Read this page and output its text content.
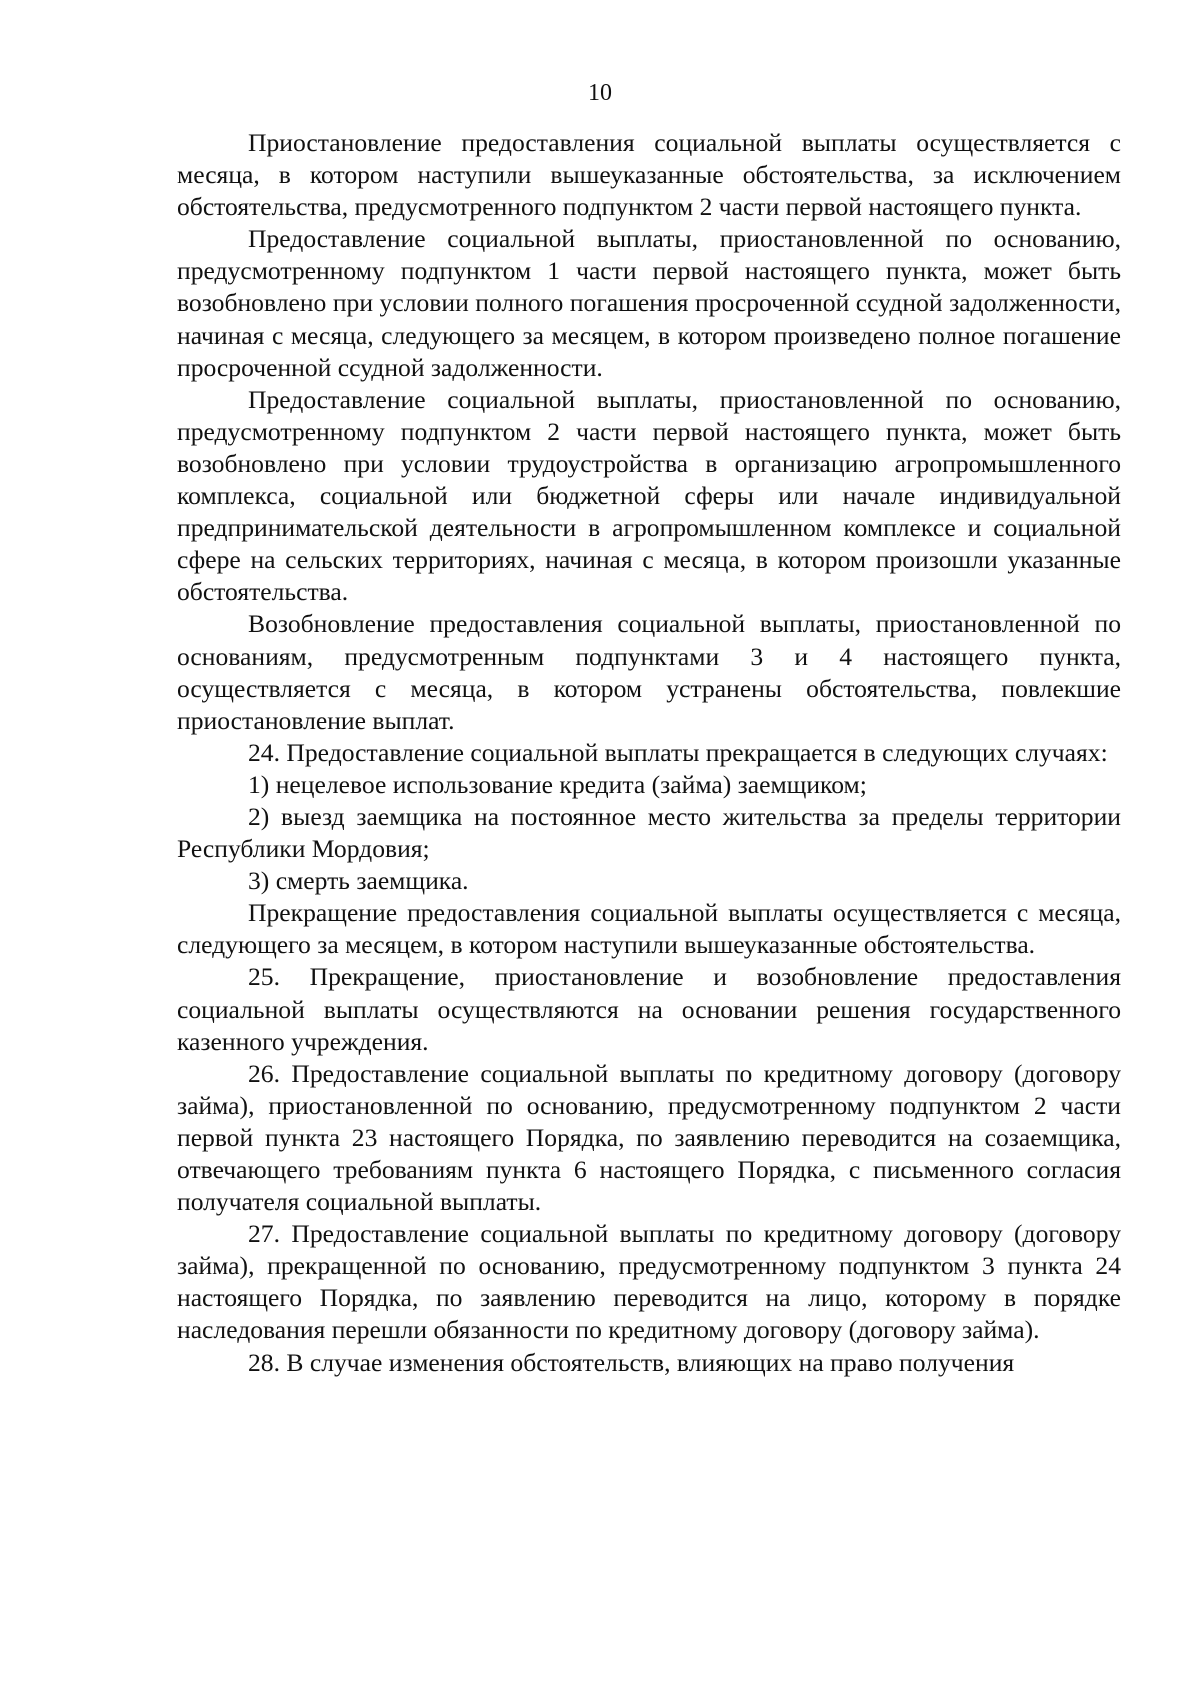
10

Приостановление предоставления социальной выплаты осуществляется с месяца, в котором наступили вышеуказанные обстоятельства, за исключением обстоятельства, предусмотренного подпунктом 2 части первой настоящего пункта.

Предоставление социальной выплаты, приостановленной по основанию, предусмотренному подпунктом 1 части первой настоящего пункта, может быть возобновлено при условии полного погашения просроченной ссудной задолженности, начиная с месяца, следующего за месяцем, в котором произведено полное погашение просроченной ссудной задолженности.

Предоставление социальной выплаты, приостановленной по основанию, предусмотренному подпунктом 2 части первой настоящего пункта, может быть возобновлено при условии трудоустройства в организацию агропромышленного комплекса, социальной или бюджетной сферы или начале индивидуальной предпринимательской деятельности в агропромышленном комплексе и социальной сфере на сельских территориях, начиная с месяца, в котором произошли указанные обстоятельства.

Возобновление предоставления социальной выплаты, приостановленной по основаниям, предусмотренным подпунктами 3 и 4 настоящего пункта, осуществляется с месяца, в котором устранены обстоятельства, повлекшие приостановление выплат.

24. Предоставление социальной выплаты прекращается в следующих случаях:

1) нецелевое использование кредита (займа) заемщиком;

2) выезд заемщика на постоянное место жительства за пределы территории Республики Мордовия;

3) смерть заемщика.

Прекращение предоставления социальной выплаты осуществляется с месяца, следующего за месяцем, в котором наступили вышеуказанные обстоятельства.

25. Прекращение, приостановление и возобновление предоставления социальной выплаты осуществляются на основании решения государственного казенного учреждения.

26. Предоставление социальной выплаты по кредитному договору (договору займа), приостановленной по основанию, предусмотренному подпунктом 2 части первой пункта 23 настоящего Порядка, по заявлению переводится на созаемщика, отвечающего требованиям пункта 6 настоящего Порядка, с письменного согласия получателя социальной выплаты.

27. Предоставление социальной выплаты по кредитному договору (договору займа), прекращенной по основанию, предусмотренному подпунктом 3 пункта 24 настоящего Порядка, по заявлению переводится на лицо, которому в порядке наследования перешли обязанности по кредитному договору (договору займа).

28. В случае изменения обстоятельств, влияющих на право получения
